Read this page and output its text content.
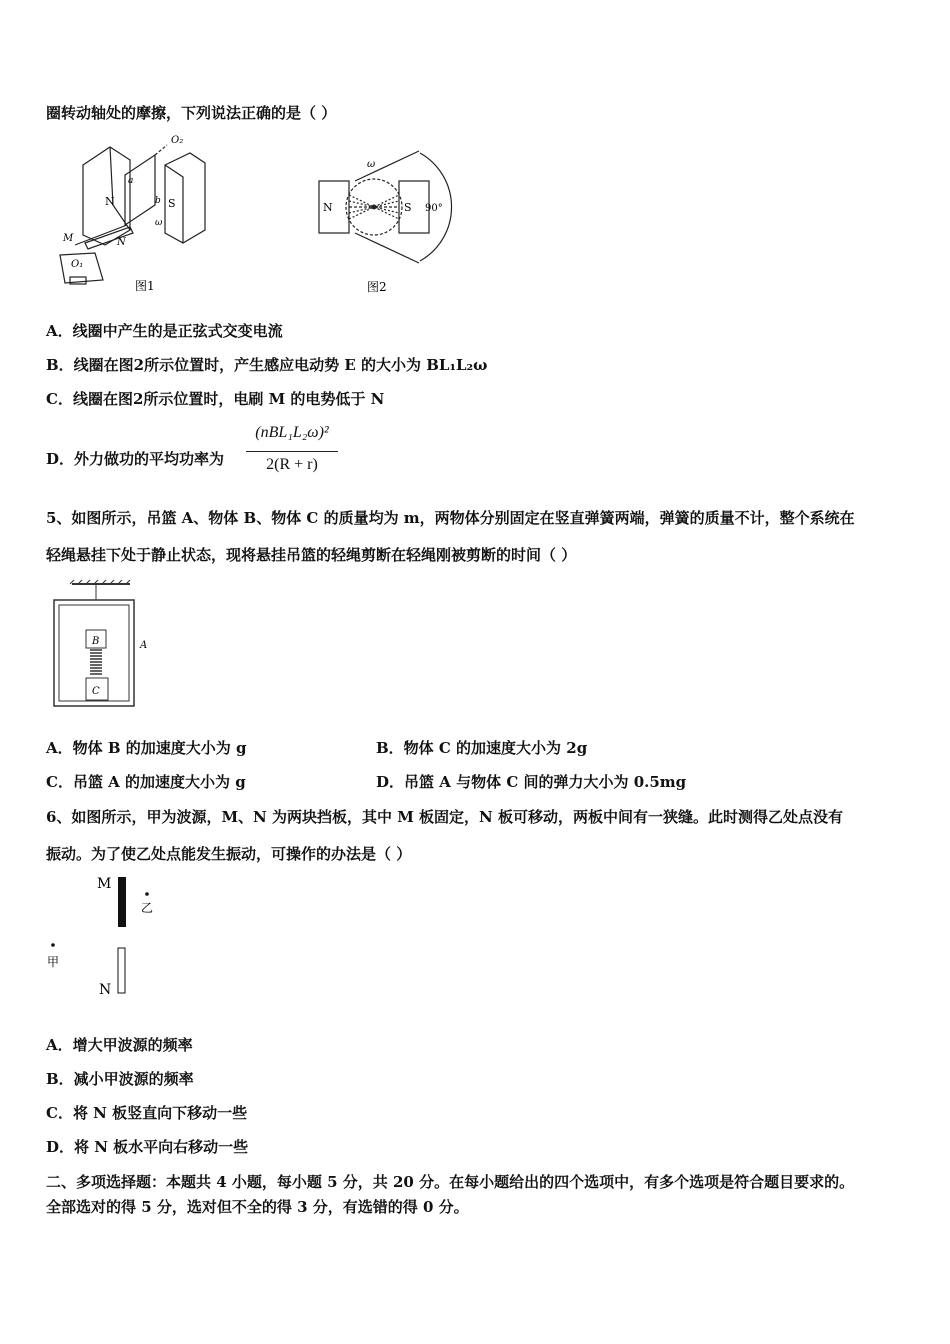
圈转动轴处的摩擦，下列说法正确的是（ ）
O₂
N	S
a
b
ω
M	N
O₁
图1
N	S
ω
90°
图2
A．线圈中产生的是正弦式交变电流
B．线圈在图2所示位置时，产生感应电动势 E 的大小为 BL₁L₂ω
C．线圈在图2所示位置时，电刷 M 的电势低于 N
D．外力做功的平均功率为
(nBL₁L₂ω)²
2(R + r)
5、如图所示，吊篮 A、物体 B、物体 C 的质量均为 m，两物体分别固定在竖直弹簧两端，弹簧的质量不计，整个系统在
轻绳悬挂下处于静止状态，现将悬挂吊篮的轻绳剪断在轻绳刚被剪断的时间（ ）
B
C
A
A．物体 B 的加速度大小为 g	B．物体 C 的加速度大小为 2g
C．吊篮 A 的加速度大小为 g	D．吊篮 A 与物体 C 间的弹力大小为 0.5mg
6、如图所示，甲为波源，M、N 为两块挡板，其中 M 板固定，N 板可移动，两板中间有一狭缝。此时测得乙处点没有
振动。为了使乙处点能发生振动，可操作的办法是（ ）
M
N
乙
甲
A．增大甲波源的频率
B．减小甲波源的频率
C．将 N 板竖直向下移动一些
D．将 N 板水平向右移动一些
二、多项选择题：本题共 4 小题，每小题 5 分，共 20 分。在每小题给出的四个选项中，有多个选项是符合题目要求的。
全部选对的得 5 分，选对但不全的得 3 分，有选错的得 0 分。
